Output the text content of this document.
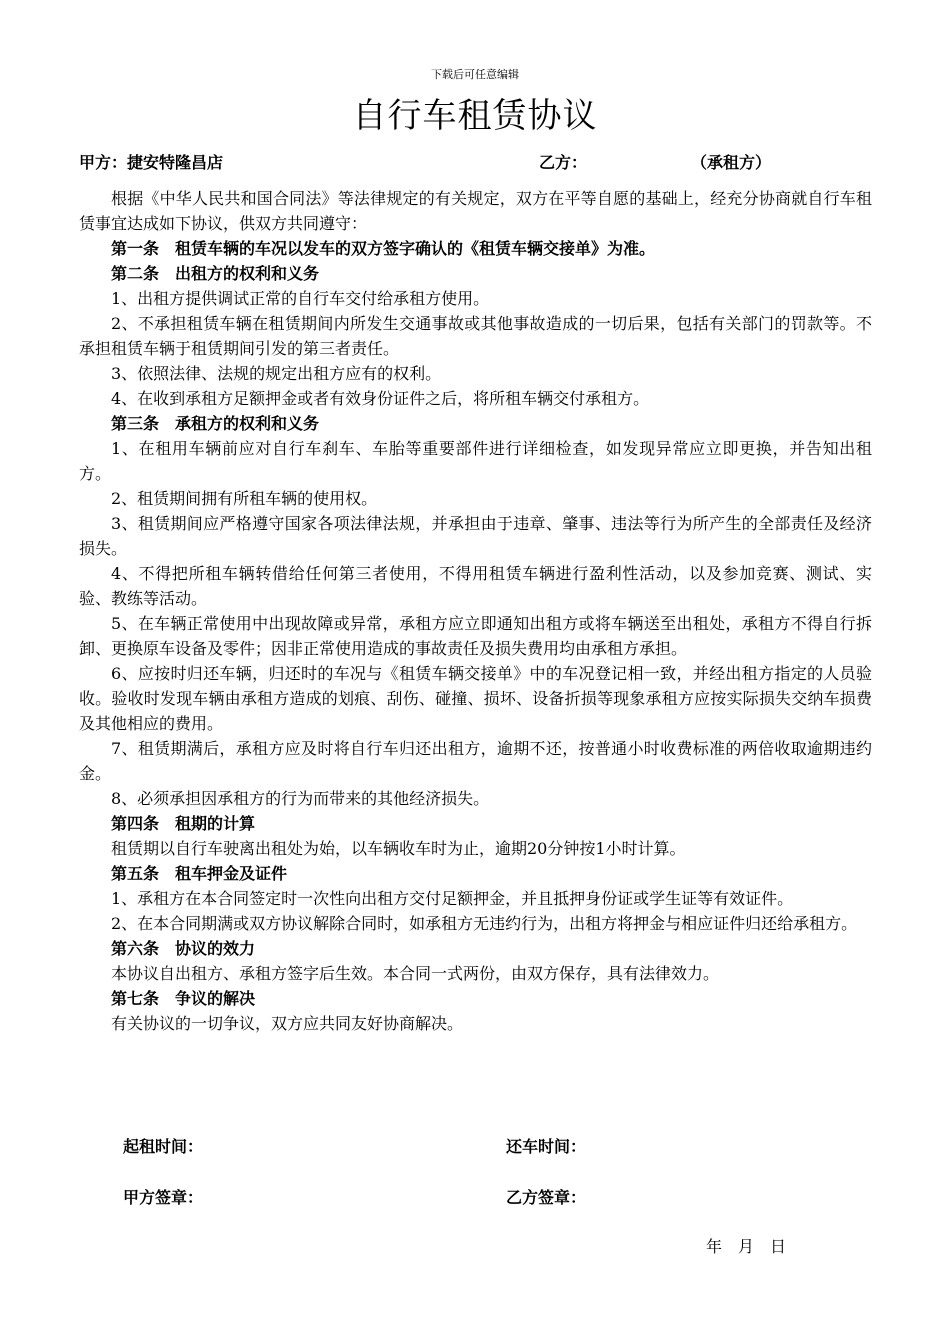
下载后可任意编辑
自行车租赁协议
甲方：捷安特隆昌店	乙方：	（承租方）

根据《中华人民共和国合同法》等法律规定的有关规定，双方在平等自愿的基础上，经充分协商就自行车租赁事宜达成如下协议，供双方共同遵守：

第一条　租赁车辆的车况以发车的双方签字确认的《租赁车辆交接单》为准。

第二条　出租方的权利和义务

1、出租方提供调试正常的自行车交付给承租方使用。

2、不承担租赁车辆在租赁期间内所发生交通事故或其他事故造成的一切后果，包括有关部门的罚款等。不承担租赁车辆于租赁期间引发的第三者责任。

3、依照法律、法规的规定出租方应有的权利。

4、在收到承租方足额押金或者有效身份证件之后，将所租车辆交付承租方。

第三条　承租方的权利和义务

1、在租用车辆前应对自行车刹车、车胎等重要部件进行详细检查，如发现异常应立即更换，并告知出租方。

2、租赁期间拥有所租车辆的使用权。

3、租赁期间应严格遵守国家各项法律法规，并承担由于违章、肇事、违法等行为所产生的全部责任及经济损失。

4、不得把所租车辆转借给任何第三者使用，不得用租赁车辆进行盈利性活动，以及参加竞赛、测试、实验、教练等活动。

5、在车辆正常使用中出现故障或异常，承租方应立即通知出租方或将车辆送至出租处，承租方不得自行拆卸、更换原车设备及零件；因非正常使用造成的事故责任及损失费用均由承租方承担。

6、应按时归还车辆，归还时的车况与《租赁车辆交接单》中的车况登记相一致，并经出租方指定的人员验收。验收时发现车辆由承租方造成的划痕、刮伤、碰撞、损坏、设备折损等现象承租方应按实际损失交纳车损费及其他相应的费用。

7、租赁期满后，承租方应及时将自行车归还出租方，逾期不还，按普通小时收费标准的两倍收取逾期违约金。

8、必须承担因承租方的行为而带来的其他经济损失。

第四条　租期的计算

租赁期以自行车驶离出租处为始，以车辆收车时为止，逾期20分钟按1小时计算。

第五条　租车押金及证件

1、承租方在本合同签定时一次性向出租方交付足额押金，并且抵押身份证或学生证等有效证件。

2、在本合同期满或双方协议解除合同时，如承租方无违约行为，出租方将押金与相应证件归还给承租方。

第六条　协议的效力

本协议自出租方、承租方签字后生效。本合同一式两份，由双方保存，具有法律效力。

第七条　争议的解决

有关协议的一切争议，双方应共同友好协商解决。

起租时间：	还车时间：
甲方签章：	乙方签章：
年　月　日
